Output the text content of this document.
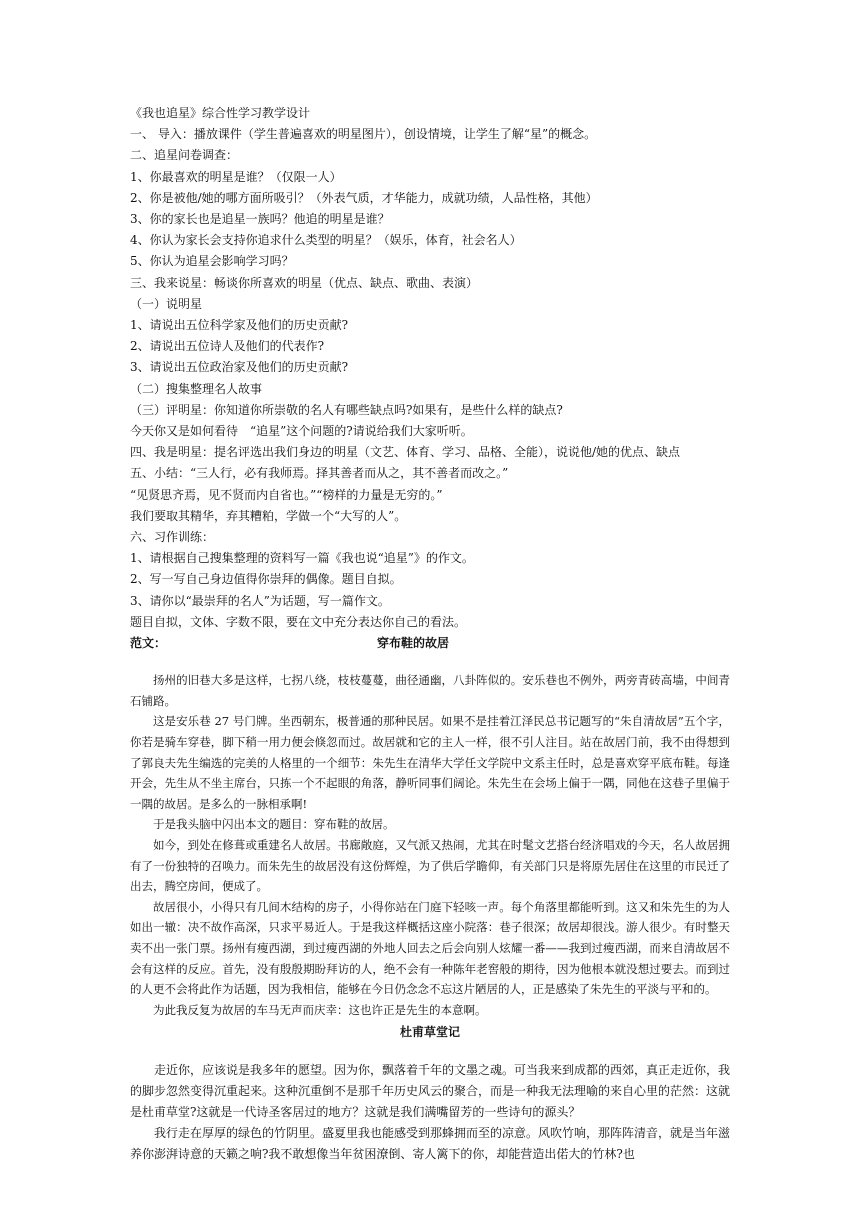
《我也追星》综合性学习教学设计
一、 导入：播放课件（学生普遍喜欢的明星图片），创设情境，让学生了解“星”的概念。
二、追星问卷调查：
1、你最喜欢的明星是谁？（仅限一人）
2、你是被他/她的哪方面所吸引？（外表气质，才华能力，成就功绩，人品性格，其他）
3、你的家长也是追星一族吗？他追的明星是谁？
4、你认为家长会支持你追求什么类型的明星？（娱乐，体育，社会名人）
5、你认为追星会影响学习吗？
三、我来说星：畅谈你所喜欢的明星（优点、缺点、歌曲、表演）
（一）说明星
1、请说出五位科学家及他们的历史贡献?
2、请说出五位诗人及他们的代表作?
3、请说出五位政治家及他们的历史贡献?
（二）搜集整理名人故事
（三）评明星：你知道你所崇敬的名人有哪些缺点吗?如果有，是些什么样的缺点?
今天你又是如何看待　“追星”这个问题的?请说给我们大家听听。
四、我是明星：提名评选出我们身边的明星（文艺、体育、学习、品格、全能），说说他/她的优点、缺点
五、小结：“三人行，必有我师焉。择其善者而从之，其不善者而改之。”
“见贤思齐焉，见不贤而内自省也。”“榜样的力量是无穷的。”
我们要取其精华，弃其糟粕，学做一个“大写的人”。
六、习作训练：
1、请根据自己搜集整理的资料写一篇《我也说“追星”》的作文。
2、写一写自己身边值得你崇拜的偶像。题目自拟。
3、请你以“最崇拜的名人”为话题，写一篇作文。
题目自拟，文体、字数不限，要在文中充分表达你自己的看法。
范文：	穿布鞋的故居

扬州的旧巷大多是这样，七拐八绕，枝枝蔓蔓，曲径通幽，八卦阵似的。安乐巷也不例外，两旁青砖高墙，中间青石铺路。

这是安乐巷 27 号门牌。坐西朝东，极普通的那种民居。如果不是挂着江泽民总书记题写的“朱自清故居”五个字，你若是骑车穿巷，脚下稍一用力便会倏忽而过。故居就和它的主人一样，很不引人注目。站在故居门前，我不由得想到了郭良夫先生编选的完美的人格里的一个细节：朱先生在清华大学任文学院中文系主任时，总是喜欢穿平底布鞋。每逢开会，先生从不坐主席台，只拣一个不起眼的角落，静听同事们阔论。朱先生在会场上偏于一隅，同他在这巷子里偏于一隅的故居。是多么的一脉相承啊!

于是我头脑中闪出本文的题目：穿布鞋的故居。

如今，到处在修葺或重建名人故居。书廊敞庭，又气派又热闹，尤其在时髦文艺搭台经济唱戏的今天，名人故居拥有了一份独特的召唤力。而朱先生的故居没有这份辉煌，为了供后学瞻仰，有关部门只是将原先居住在这里的市民迁了出去，腾空房间，便成了。

故居很小，小得只有几间木结构的房子，小得你站在门庭下轻咳一声。每个角落里都能听到。这又和朱先生的为人如出一辙：决不故作高深，只求平易近人。于是我这样概括这座小院落：巷子很深；故居却很浅。游人很少。有时整天卖不出一张门票。扬州有瘦西湖，到过瘦西湖的外地人回去之后会向别人炫耀一番——我到过瘦西湖，而来自清故居不会有这样的反应。首先，没有殷殷期盼拜访的人，绝不会有一种陈年老窖般的期待，因为他根本就没想过要去。而到过的人更不会将此作为话题，因为我相信，能够在今日仍念念不忘这片陋居的人，正是感染了朱先生的平淡与平和的。

为此我反复为故居的车马无声而庆幸：这也许正是先生的本意啊。

杜甫草堂记

走近你，应该说是我多年的愿望。因为你，飘落着千年的文墨之魂。可当我来到成都的西郊，真正走近你，我的脚步忽然变得沉重起来。这种沉重倒不是那千年历史风云的聚合，而是一种我无法理喻的来自心里的茫然：这就是杜甫草堂?这就是一代诗圣客居过的地方？这就是我们满嘴留芳的一些诗句的源头？

我行走在厚厚的绿色的竹阴里。盛夏里我也能感受到那蜂拥而至的凉意。风吹竹响，那阵阵清音，就是当年滋养你澎湃诗意的天籁之响?我不敢想像当年贫困潦倒、寄人篱下的你，却能营造出偌大的竹林?也
